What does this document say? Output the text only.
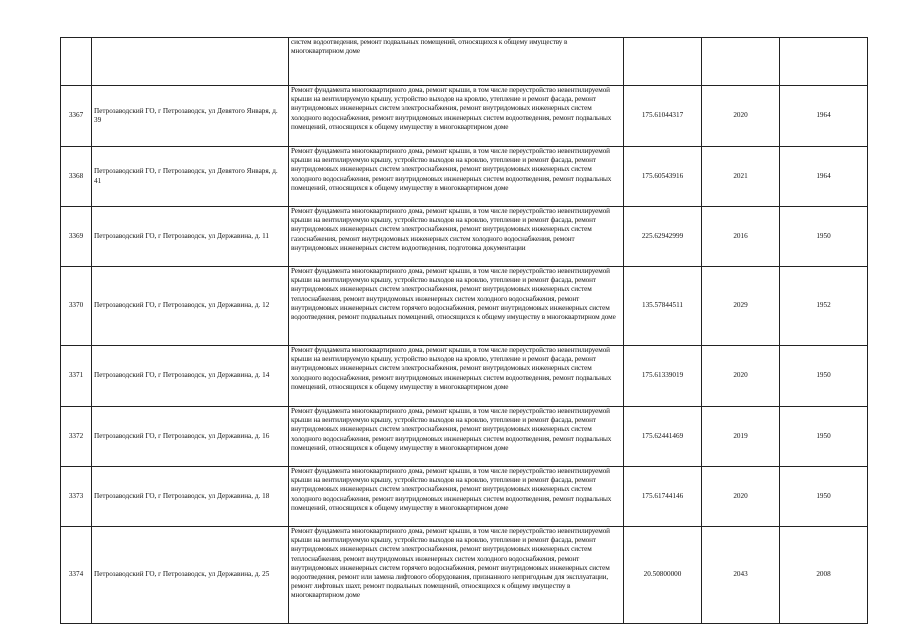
		систем водоотведения, ремонт подвальных помещений, относящихся к общему имуществу в многоквартирном доме			

3367	Петрозаводский ГО, г Петрозаводск, ул Девятого Января, д. 39	Ремонт фундамента многоквартирного дома, ремонт крыши, в том числе переустройство невентилируемой крыши на вентилируемую крышу, устройство выходов на кровлю, утепление и ремонт фасада, ремонт внутридомовых инженерных систем электроснабжения, ремонт внутридомовых инженерных систем холодного водоснабжения, ремонт внутридомовых инженерных систем водоотведения, ремонт подвальных помещений, относящихся к общему имуществу в многоквартирном доме	175.61044317	2020	1964
3368	Петрозаводский ГО, г Петрозаводск, ул Девятого Января, д. 41	Ремонт фундамента многоквартирного дома, ремонт крыши, в том числе переустройство невентилируемой крыши на вентилируемую крышу, устройство выходов на кровлю, утепление и ремонт фасада, ремонт внутридомовых инженерных систем электроснабжения, ремонт внутридомовых инженерных систем холодного водоснабжения, ремонт внутридомовых инженерных систем водоотведения, ремонт подвальных помещений, относящихся к общему имуществу в многоквартирном доме	175.60543916	2021	1964
3369	Петрозаводский ГО, г Петрозаводск, ул Державина, д. 11	Ремонт фундамента многоквартирного дома, ремонт крыши, в том числе переустройство невентилируемой крыши на вентилируемую крышу, устройство выходов на кровлю, утепление и ремонт фасада, ремонт внутридомовых инженерных систем электроснабжения, ремонт внутридомовых инженерных систем газоснабжения, ремонт внутридомовых инженерных систем холодного водоснабжения, ремонт внутридомовых инженерных систем водоотведения, подготовка документации	225.62942999	2016	1950
3370	Петрозаводский ГО, г Петрозаводск, ул Державина, д. 12	Ремонт фундамента многоквартирного дома, ремонт крыши, в том числе переустройство невентилируемой крыши на вентилируемую крышу, устройство выходов на кровлю, утепление и ремонт фасада, ремонт внутридомовых инженерных систем электроснабжения, ремонт внутридомовых инженерных систем теплоснабжения, ремонт внутридомовых инженерных систем холодного водоснабжения, ремонт внутридомовых инженерных систем горячего водоснабжения, ремонт внутридомовых инженерных систем водоотведения, ремонт подвальных помещений, относящихся к общему имуществу в многоквартирном доме	135.57844511	2029	1952
3371	Петрозаводский ГО, г Петрозаводск, ул Державина, д. 14	Ремонт фундамента многоквартирного дома, ремонт крыши, в том числе переустройство невентилируемой крыши на вентилируемую крышу, устройство выходов на кровлю, утепление и ремонт фасада, ремонт внутридомовых инженерных систем электроснабжения, ремонт внутридомовых инженерных систем холодного водоснабжения, ремонт внутридомовых инженерных систем водоотведения, ремонт подвальных помещений, относящихся к общему имуществу в многоквартирном доме	175.61339019	2020	1950
3372	Петрозаводский ГО, г Петрозаводск, ул Державина, д. 16	Ремонт фундамента многоквартирного дома, ремонт крыши, в том числе переустройство невентилируемой крыши на вентилируемую крышу, устройство выходов на кровлю, утепление и ремонт фасада, ремонт внутридомовых инженерных систем электроснабжения, ремонт внутридомовых инженерных систем холодного водоснабжения, ремонт внутридомовых инженерных систем водоотведения, ремонт подвальных помещений, относящихся к общему имуществу в многоквартирном доме	175.62441469	2019	1950
3373	Петрозаводский ГО, г Петрозаводск, ул Державина, д. 18	Ремонт фундамента многоквартирного дома, ремонт крыши, в том числе переустройство невентилируемой крыши на вентилируемую крышу, устройство выходов на кровлю, утепление и ремонт фасада, ремонт внутридомовых инженерных систем электроснабжения, ремонт внутридомовых инженерных систем холодного водоснабжения, ремонт внутридомовых инженерных систем водоотведения, ремонт подвальных помещений, относящихся к общему имуществу в многоквартирном доме	175.61744146	2020	1950
3374	Петрозаводский ГО, г Петрозаводск, ул Державина, д. 25	Ремонт фундамента многоквартирного дома, ремонт крыши, в том числе переустройство невентилируемой крыши на вентилируемую крышу, устройство выходов на кровлю, утепление и ремонт фасада, ремонт внутридомовых инженерных систем электроснабжения, ремонт внутридомовых инженерных систем теплоснабжения, ремонт внутридомовых инженерных систем холодного водоснабжения, ремонт внутридомовых инженерных систем горячего водоснабжения, ремонт внутридомовых инженерных систем водоотведения, ремонт или замена лифтового оборудования, признанного непригодным для эксплуатации, ремонт лифтовых шахт, ремонт подвальных помещений, относящихся к общему имуществу в многоквартирном доме	20.50800000	2043	2008
